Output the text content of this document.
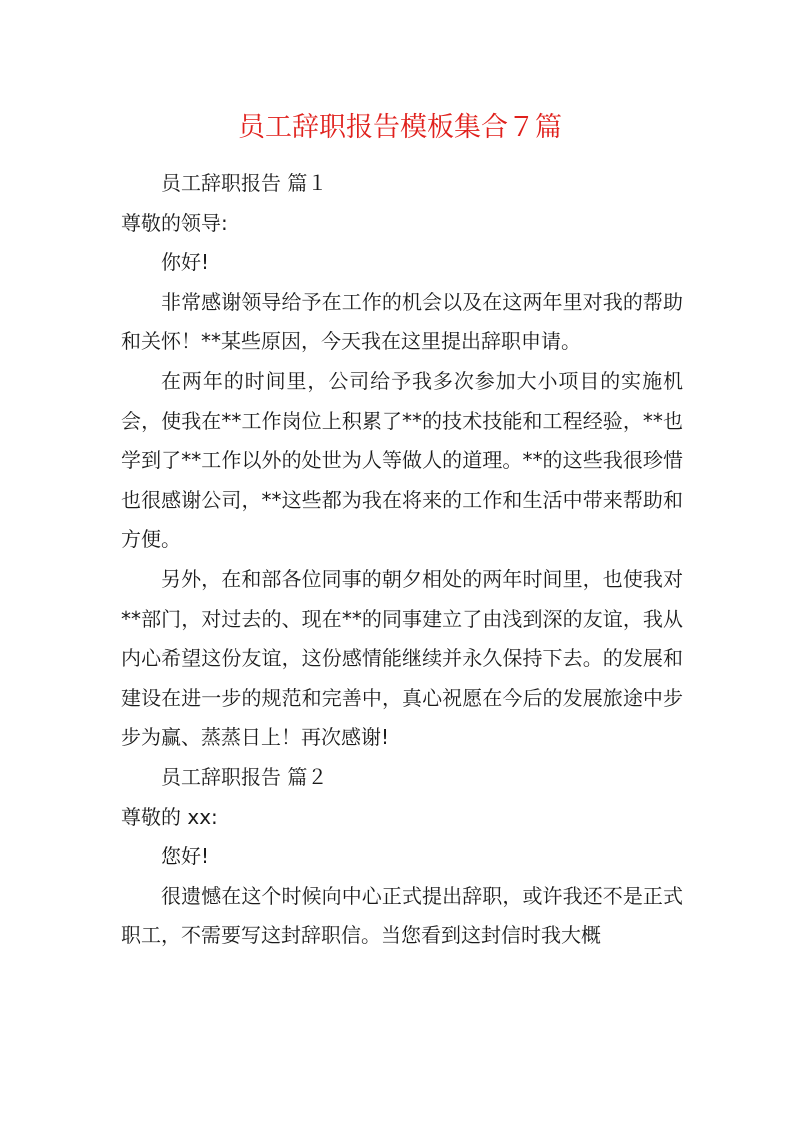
员工辞职报告模板集合７篇

员工辞职报告 篇１

尊敬的领导:

你好!

非常感谢领导给予在工作的机会以及在这两年里对我的帮助和关怀！**某些原因，今天我在这里提出辞职申请。

在两年的时间里，公司给予我多次参加大小项目的实施机会，使我在**工作岗位上积累了**的技术技能和工程经验，**也学到了**工作以外的处世为人等做人的道理。**的这些我很珍惜也很感谢公司，**这些都为我在将来的工作和生活中带来帮助和方便。

另外，在和部各位同事的朝夕相处的两年时间里，也使我对**部门，对过去的、现在**的同事建立了由浅到深的友谊，我从内心希望这份友谊，这份感情能继续并永久保持下去。的发展和建设在进一步的规范和完善中，真心祝愿在今后的发展旅途中步步为赢、蒸蒸日上！再次感谢!

员工辞职报告 篇２

尊敬的 xx:

您好!

很遗憾在这个时候向中心正式提出辞职，或许我还不是正式职工，不需要写这封辞职信。当您看到这封信时我大概
